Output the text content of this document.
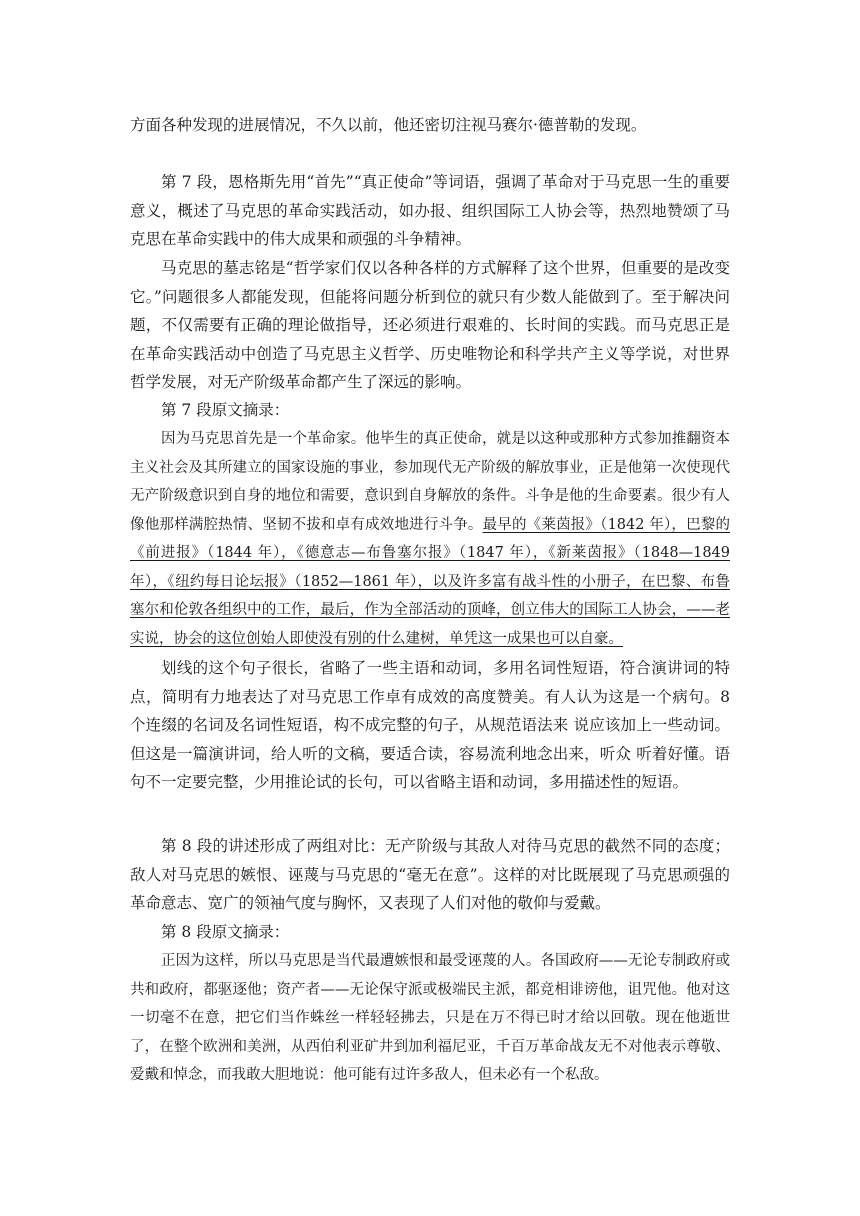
方面各种发现的进展情况，不久以前，他还密切注视马赛尔·德普勒的发现。

第 7 段，恩格斯先用“首先”“真正使命”等词语，强调了革命对于马克思一生的重要意义，概述了马克思的革命实践活动，如办报、组织国际工人协会等，热烈地赞颂了马克思在革命实践中的伟大成果和顽强的斗争精神。

马克思的墓志铭是“哲学家们仅以各种各样的方式解释了这个世界，但重要的是改变它。”问题很多人都能发现，但能将问题分析到位的就只有少数人能做到了。至于解决问题，不仅需要有正确的理论做指导，还必须进行艰难的、长时间的实践。而马克思正是在革命实践活动中创造了马克思主义哲学、历史唯物论和科学共产主义等学说，对世界哲学发展，对无产阶级革命都产生了深远的影响。

第 7 段原文摘录：

因为马克思首先是一个革命家。他毕生的真正使命，就是以这种或那种方式参加推翻资本主义社会及其所建立的国家设施的事业，参加现代无产阶级的解放事业，正是他第一次使现代无产阶级意识到自身的地位和需要，意识到自身解放的条件。斗争是他的生命要素。很少有人像他那样满腔热情、坚韧不拔和卓有成效地进行斗争。最早的《莱茵报》（1842 年），巴黎的《前进报》（1844 年），《德意志—布鲁塞尔报》（1847 年），《新莱茵报》（1848—1849 年），《纽约每日论坛报》（1852—1861 年），以及许多富有战斗性的小册子，在巴黎、布鲁塞尔和伦敦各组织中的工作，最后，作为全部活动的顶峰，创立伟大的国际工人协会，——老实说，协会的这位创始人即使没有别的什么建树，单凭这一成果也可以自豪。

划线的这个句子很长，省略了一些主语和动词，多用名词性短语，符合演讲词的特点，简明有力地表达了对马克思工作卓有成效的高度赞美。有人认为这是一个病句。8 个连缀的名词及名词性短语，构不成完整的句子，从规范语法来 说应该加上一些动词。但这是一篇演讲词，给人听的文稿，要适合读，容易流利地念出来，听众 听着好懂。语句不一定要完整，少用推论试的长句，可以省略主语和动词，多用描述性的短语。

第 8 段的讲述形成了两组对比：无产阶级与其敌人对待马克思的截然不同的态度；敌人对马克思的嫉恨、诬蔑与马克思的“毫无在意”。这样的对比既展现了马克思顽强的革命意志、宽广的领袖气度与胸怀，又表现了人们对他的敬仰与爱戴。

第 8 段原文摘录：

正因为这样，所以马克思是当代最遭嫉恨和最受诬蔑的人。各国政府——无论专制政府或共和政府，都驱逐他；资产者——无论保守派或极端民主派，都竞相诽谤他，诅咒他。他对这一切毫不在意，把它们当作蛛丝一样轻轻拂去，只是在万不得已时才给以回敬。现在他逝世了，在整个欧洲和美洲，从西伯利亚矿井到加利福尼亚，千百万革命战友无不对他表示尊敬、爱戴和悼念，而我敢大胆地说：他可能有过许多敌人，但未必有一个私敌。
